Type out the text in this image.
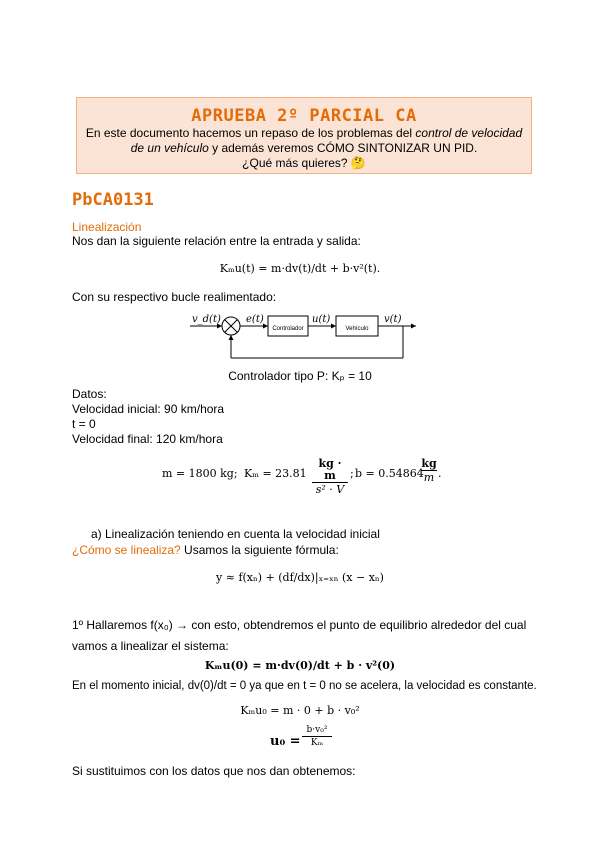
APRUEBA 2º PARCIAL CA
En este documento hacemos un repaso de los problemas del control de velocidad
de un vehículo y además veremos CÓMO SINTONIZAR UN PID.
¿Qué más quieres? 🤔
PbCA0131
Linealización
Nos dan la siguiente relación entre la entrada y salida:
Kₘu(t) = m·dv(t)/dt + b·v²(t).
Con su respectivo bucle realimentado:
v_d(t)	e(t)
Controlador
u(t)
Vehículo
v(t)
Controlador tipo P: Kₚ = 10
Datos:
Velocidad inicial: 90 km/hora
t = 0
Velocidad final: 120 km/hora
m = 1800 kg; Kₘ = 23.81
kg · m
s² · V
; b = 0.54864
kg
m .
a) Linealización teniendo en cuenta la velocidad inicial
¿Cómo se linealiza? Usamos la siguiente fórmula:
y ≈ f(xₙ) + (df/dx)|ₓ₌ₓₙ (x − xₙ)
1º Hallaremos f(x₀) → con esto, obtendremos el punto de equilibrio alrededor del cual
vamos a linealizar el sistema:
Kₘu(0) = m·dv(0)/dt + b · v²(0)
En el momento inicial, dv(0)/dt = 0 ya que en t = 0 no se acelera, la velocidad es constante.
Kₘu₀ = m · 0 + b · v₀²
u₀ =
b·v₀²
Kₘ
Si sustituimos con los datos que nos dan obtenemos:
